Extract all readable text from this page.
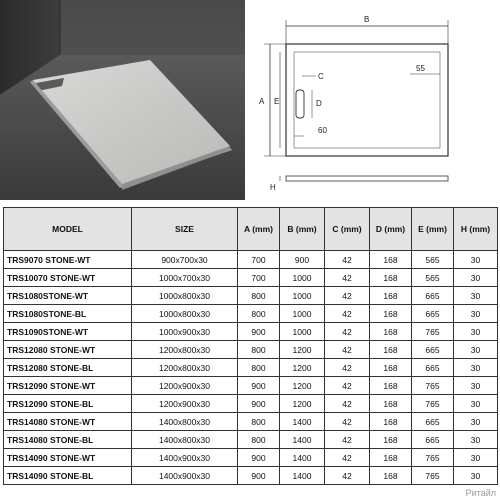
B
A E
C
D
55
60
H
MODEL	SIZE	A (mm)	B (mm)	C (mm)	D (mm)	E (mm)	H (mm)
TRS9070 STONE-WT	900x700x30	700	900	42	168	565	30
TRS10070 STONE-WT	1000x700x30	700	1000	42	168	565	30
TRS1080STONE-WT	1000x800x30	800	1000	42	168	665	30
TRS1080STONE-BL	1000x800x30	800	1000	42	168	665	30
TRS1090STONE-WT	1000x900x30	900	1000	42	168	765	30
TRS12080 STONE-WT	1200x800x30	800	1200	42	168	665	30
TRS12080 STONE-BL	1200x800x30	800	1200	42	168	665	30
TRS12090 STONE-WT	1200x900x30	900	1200	42	168	765	30
TRS12090 STONE-BL	1200x900x30	900	1200	42	168	765	30
TRS14080 STONE-WT	1400x800x30	800	1400	42	168	665	30
TRS14080 STONE-BL	1400x800x30	800	1400	42	168	665	30
TRS14090 STONE-WT	1400x900x30	900	1400	42	168	765	30
TRS14090 STONE-BL	1400x900x30	900	1400	42	168	765	30
Ритайл
